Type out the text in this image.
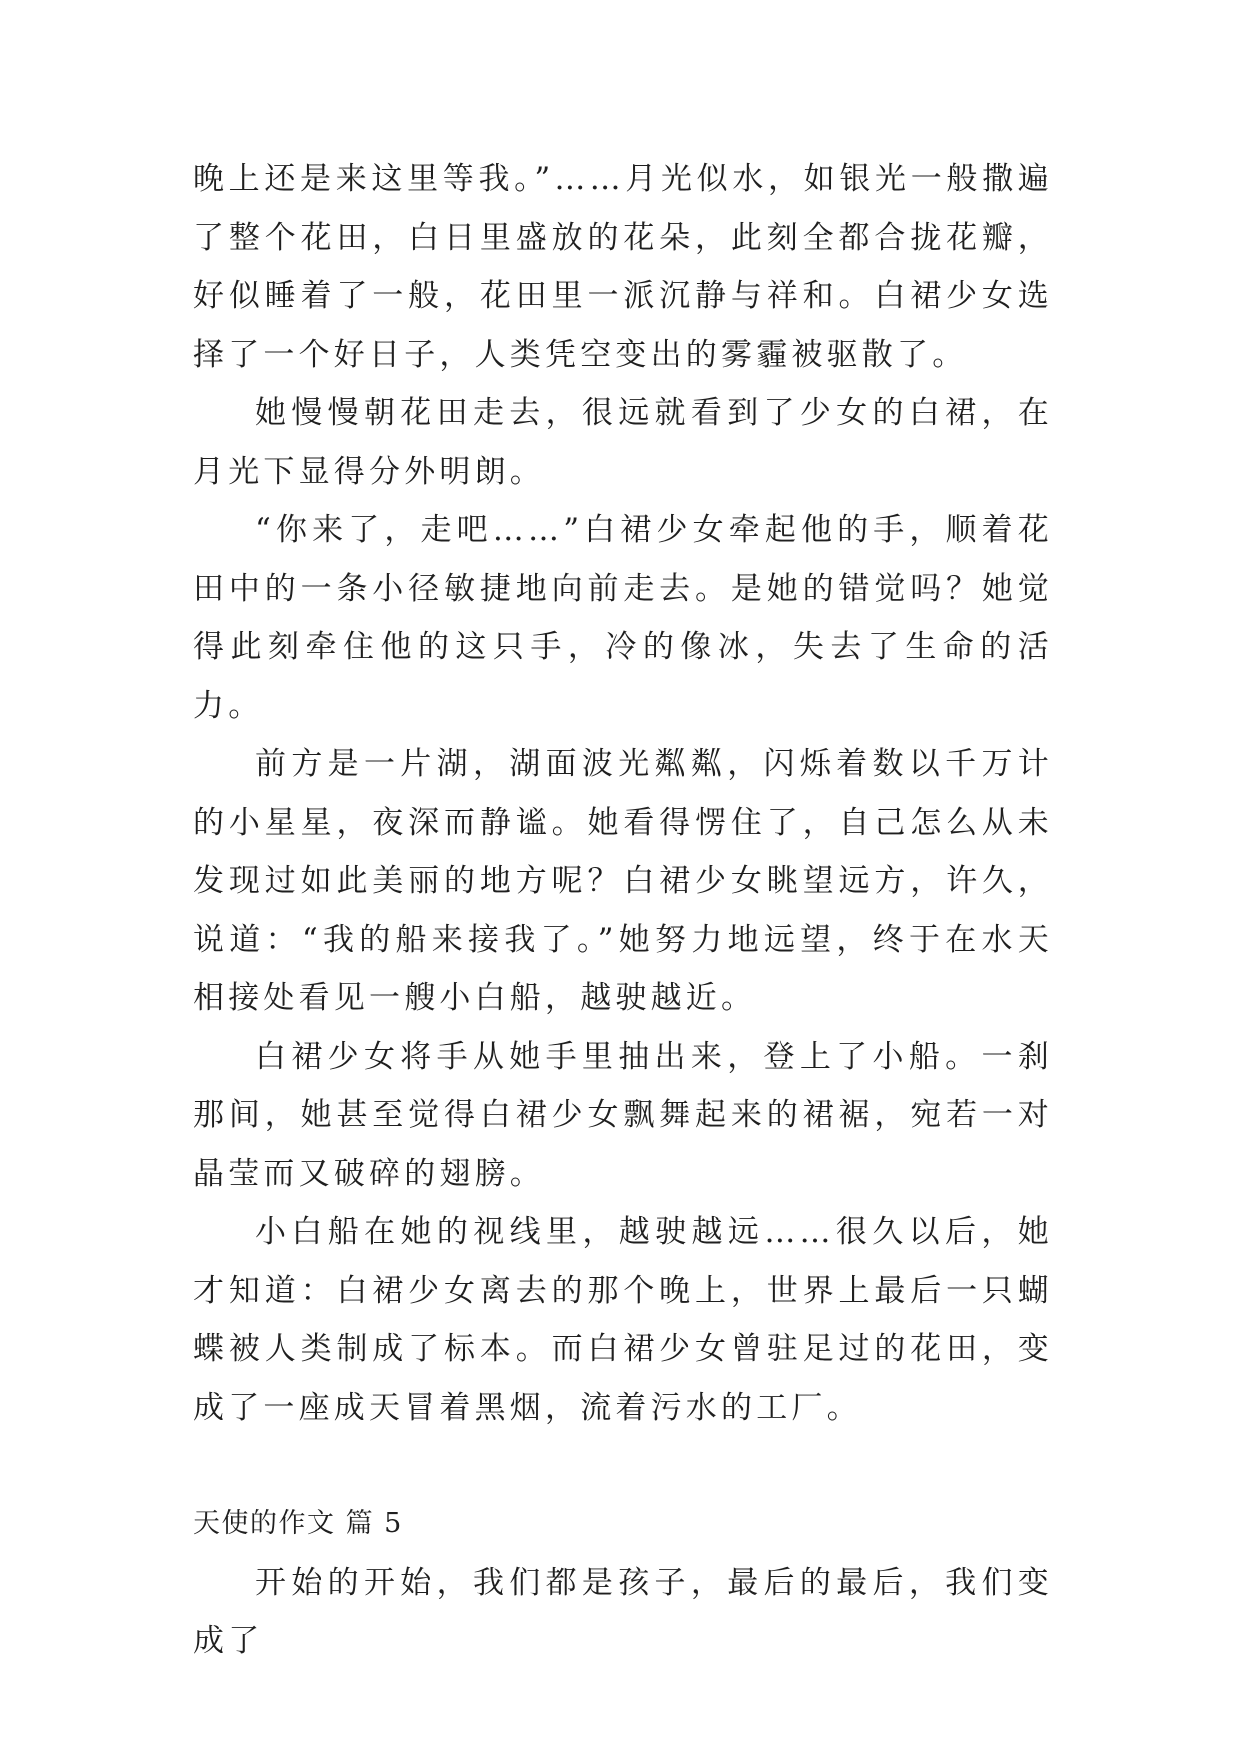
晚上还是来这里等我。”……月光似水，如银光一般撒遍了整个花田，白日里盛放的花朵，此刻全都合拢花瓣，好似睡着了一般，花田里一派沉静与祥和。白裙少女选择了一个好日子，人类凭空变出的雾霾被驱散了。

她慢慢朝花田走去，很远就看到了少女的白裙，在月光下显得分外明朗。

“你来了，走吧……”白裙少女牵起他的手，顺着花田中的一条小径敏捷地向前走去。是她的错觉吗？她觉得此刻牵住他的这只手，冷的像冰，失去了生命的活力。

前方是一片湖，湖面波光粼粼，闪烁着数以千万计的小星星，夜深而静谧。她看得愣住了，自己怎么从未发现过如此美丽的地方呢？白裙少女眺望远方，许久，说道：“我的船来接我了。”她努力地远望，终于在水天相接处看见一艘小白船，越驶越近。

白裙少女将手从她手里抽出来，登上了小船。一刹那间，她甚至觉得白裙少女飘舞起来的裙裾，宛若一对晶莹而又破碎的翅膀。

小白船在她的视线里，越驶越远……很久以后，她才知道：白裙少女离去的那个晚上，世界上最后一只蝴蝶被人类制成了标本。而白裙少女曾驻足过的花田，变成了一座成天冒着黑烟，流着污水的工厂。

天使的作文 篇 5

开始的开始，我们都是孩子，最后的最后，我们变成了
